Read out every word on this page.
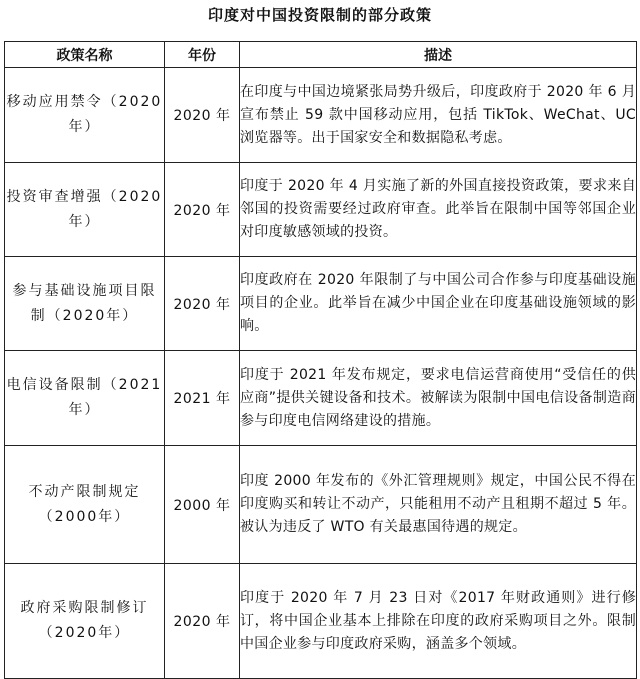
印度对中国投资限制的部分政策
政策名称	年份	描述
移动应用禁令（2020年）	2020 年	在印度与中国边境紧张局势升级后，印度政府于 2020 年 6 月宣布禁止 59 款中国移动应用，包括 TikTok、WeChat、UC 浏览器等。出于国家安全和数据隐私考虑。
投资审查增强（2020年）	2020 年	印度于 2020 年 4 月实施了新的外国直接投资政策，要求来自邻国的投资需要经过政府审查。此举旨在限制中国等邻国企业对印度敏感领域的投资。
参与基础设施项目限制（2020年）	2020 年	印度政府在 2020 年限制了与中国公司合作参与印度基础设施项目的企业。此举旨在减少中国企业在印度基础设施领域的影响。
电信设备限制（2021年）	2021 年	印度于 2021 年发布规定，要求电信运营商使用“受信任的供应商”提供关键设备和技术。被解读为限制中国电信设备制造商参与印度电信网络建设的措施。
不动产限制规定（2000年）	2000 年	印度 2000 年发布的《外汇管理规则》规定，中国公民不得在印度购买和转让不动产，只能租用不动产且租期不超过 5 年。被认为违反了 WTO 有关最惠国待遇的规定。
政府采购限制修订（2020年）	2020 年	印度于 2020 年 7 月 23 日对《2017 年财政通则》进行修订，将中国企业基本上排除在印度的政府采购项目之外。限制中国企业参与印度政府采购，涵盖多个领域。
